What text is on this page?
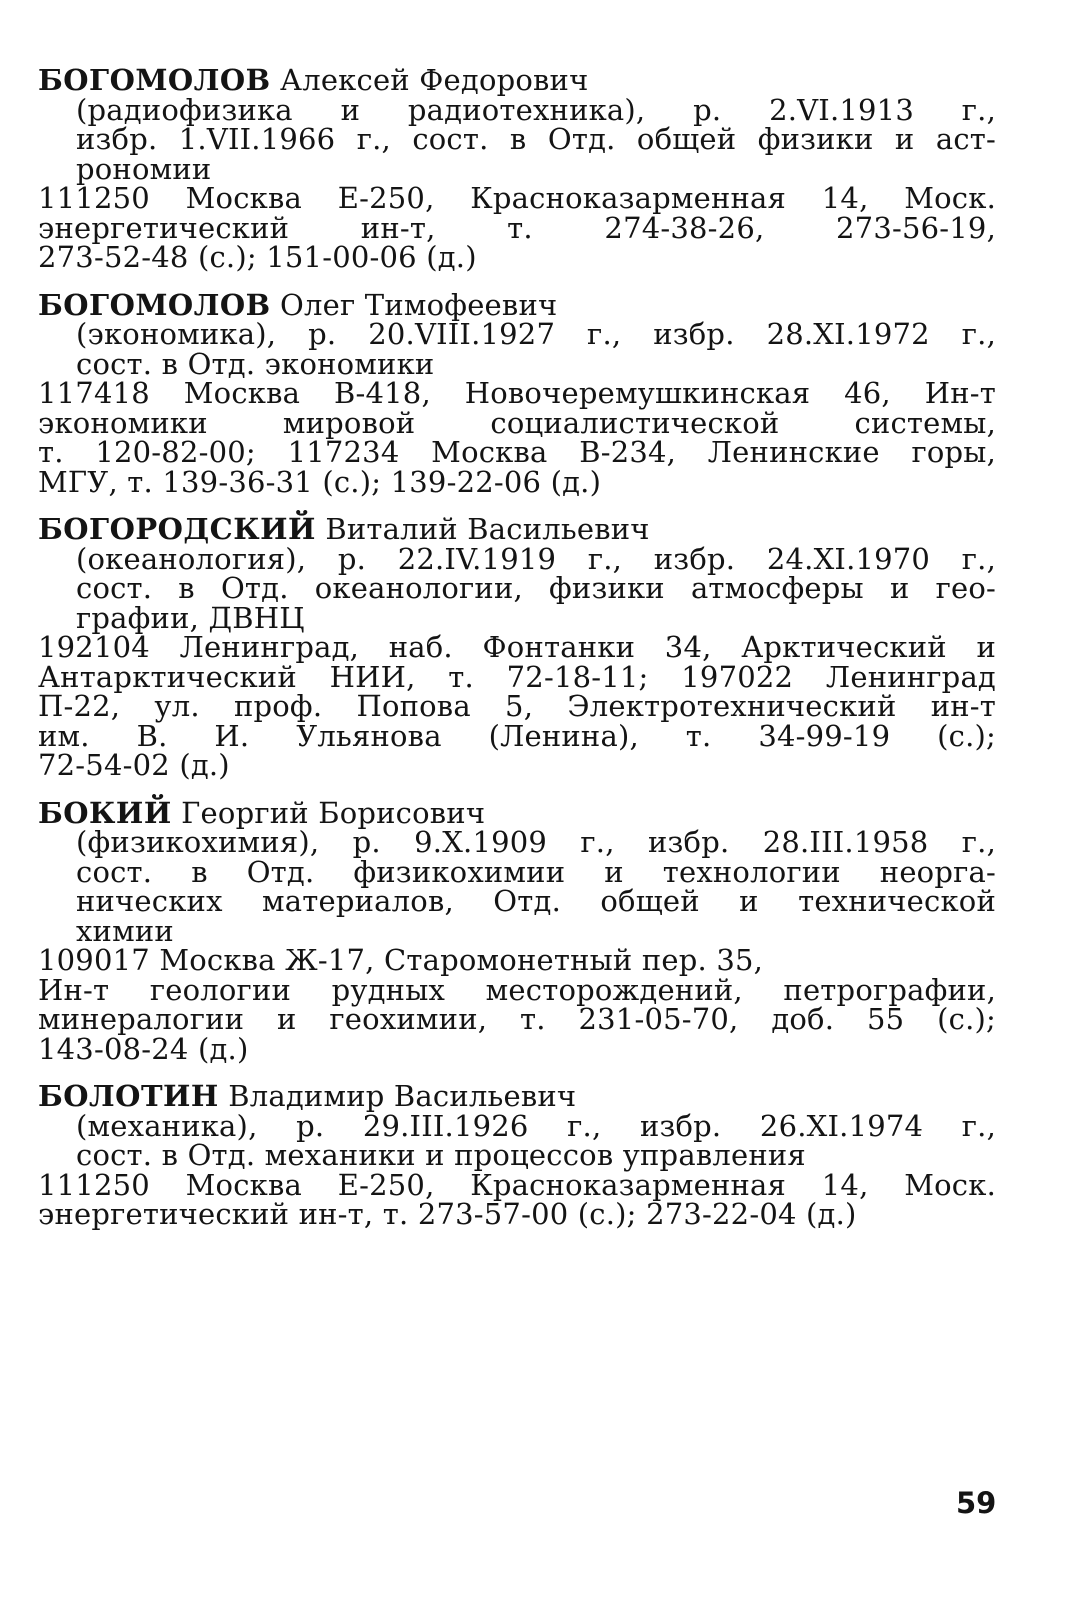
БОГОМОЛОВ Алексей Федорович
(радиофизика и радиотехника), р. 2.VI.1913 г.,
избр. 1.VII.1966 г., сост. в Отд. общей физики и аст-
рономии
111250 Москва Е-250, Красноказарменная 14, Моск.
энергетический ин-т, т. 274-38-26, 273-56-19,
273-52-48 (с.); 151-00-06 (д.)
БОГОМОЛОВ Олег Тимофеевич
(экономика), р. 20.VIII.1927 г., избр. 28.XI.1972 г.,
сост. в Отд. экономики
117418 Москва В-418, Новочеремушкинская 46, Ин-т
экономики мировой социалистической системы,
т. 120-82-00; 117234 Москва В-234, Ленинские горы,
МГУ, т. 139-36-31 (с.); 139-22-06 (д.)
БОГОРОДСКИЙ Виталий Васильевич
(океанология), р. 22.IV.1919 г., избр. 24.XI.1970 г.,
сост. в Отд. океанологии, физики атмосферы и гео-
графии, ДВНЦ
192104 Ленинград, наб. Фонтанки 34, Арктический и
Антарктический НИИ, т. 72-18-11; 197022 Ленинград
П-22, ул. проф. Попова 5, Электротехнический ин-т
им. В. И. Ульянова (Ленина), т. 34-99-19 (с.);
72-54-02 (д.)
БОКИЙ Георгий Борисович
(физикохимия), р. 9.X.1909 г., избр. 28.III.1958 г.,
сост. в Отд. физикохимии и технологии неорга-
нических материалов, Отд. общей и технической
химии
109017 Москва Ж-17, Старомонетный пер. 35,
Ин-т геологии рудных месторождений, петрографии,
минералогии и геохимии, т. 231-05-70, доб. 55 (с.);
143-08-24 (д.)
БОЛОТИН Владимир Васильевич
(механика), р. 29.III.1926 г., избр. 26.XI.1974 г.,
сост. в Отд. механики и процессов управления
111250 Москва Е-250, Красноказарменная 14, Моск.
энергетический ин-т, т. 273-57-00 (с.); 273-22-04 (д.)
59
